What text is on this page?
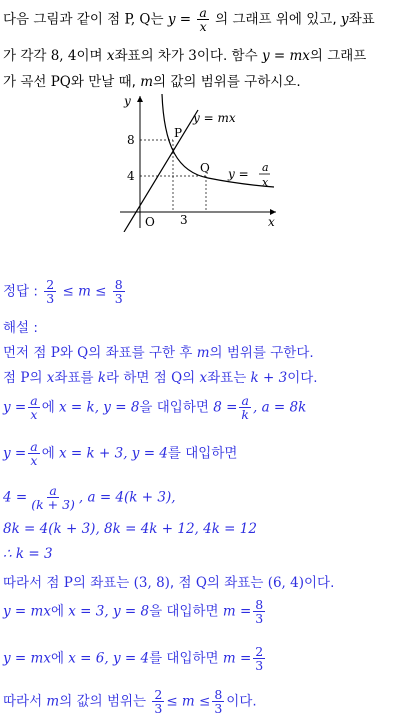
다음 그림과 같이 점 P, Q는 $y = \frac{a}{x}$ 의 그래프 위에 있고, y좌표
가 각각 8, 4이며 x좌표의 차가 3이다. 함수 y = mx의 그래프
가 곡선 PQ와 만날 때, m의 값의 범위를 구하시오.
y
x
O
8
4
3
y = mx
P
Q y = a
x
정답 : $\frac{2}{3} \le m \le \frac{8}{3}$
해설 :
먼저 점 P와 Q의 좌표를 구한 후 m의 범위를 구한다.
점 P의 x좌표를 k라 하면 점 Q의 x좌표는 k + 3이다.
$y = \frac{a}{x}$ 에 x = k, y = 8을 대입하면 $8 = \frac{a}{k}$ , a = 8k
$y = \frac{a}{x}$ 에 x = k + 3, y = 4를 대입하면
$4 = \frac{a}{(k + 3)}$ , a = 4(k + 3),
8k = 4(k + 3), 8k = 4k + 12, 4k = 12
∴ k = 3
따라서 점 P의 좌표는 (3, 8), 점 Q의 좌표는 (6, 4)이다.
y = mx에 x = 3, y = 8을 대입하면 $m = \frac{8}{3}$
y = mx에 x = 6, y = 4를 대입하면 $m = \frac{2}{3}$
따라서 m의 값의 범위는 $\frac{2}{3} \le m \le \frac{8}{3}$ 이다.
